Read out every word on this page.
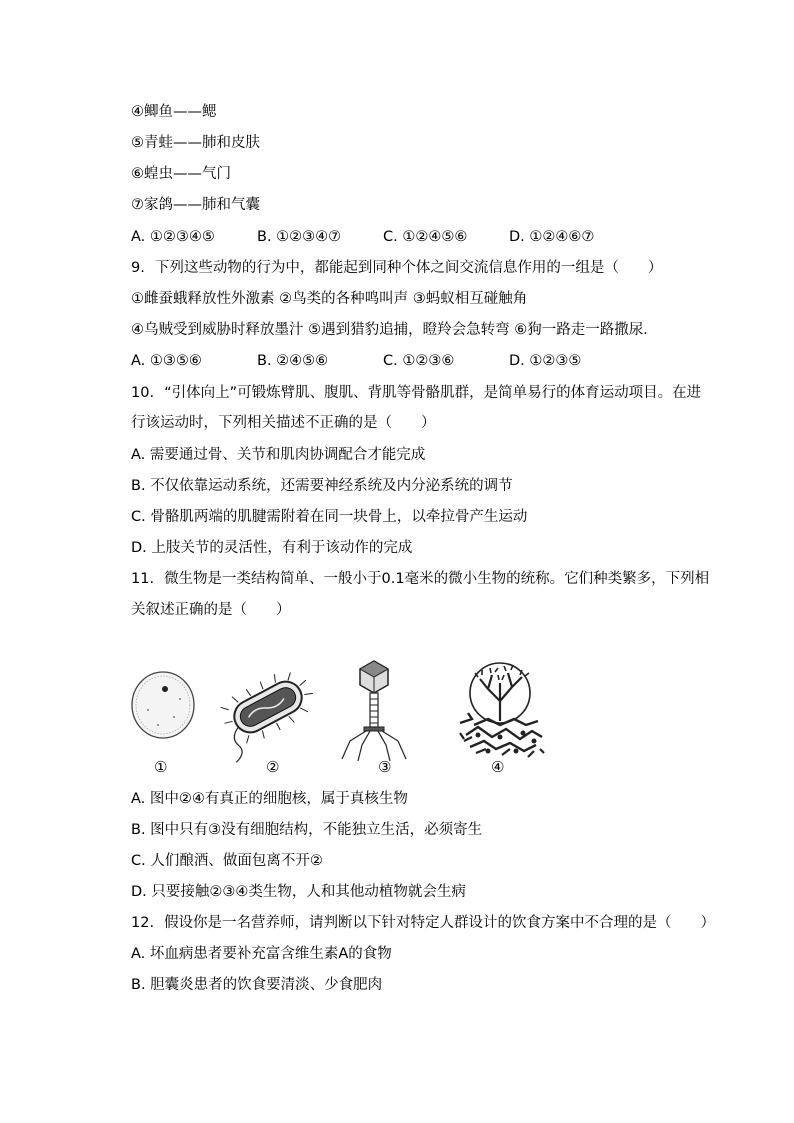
④鲫鱼——鳃
⑤青蛙——肺和皮肤
⑥蝗虫——气门
⑦家鸽——肺和气囊
A. ①②③④⑤	B. ①②③④⑦	C. ①②④⑤⑥	D. ①②④⑥⑦
9. 下列这些动物的行为中，都能起到同种个体之间交流信息作用的一组是（　　）
①雌蚕蛾释放性外激素 ②鸟类的各种鸣叫声 ③蚂蚁相互碰触角
④乌贼受到威胁时释放墨汁 ⑤遇到猎豹追捕，瞪羚会急转弯 ⑥狗一路走一路撒尿．
A. ①③⑤⑥	B. ②④⑤⑥	C. ①②③⑥	D. ①②③⑤
10. “引体向上”可锻炼臂肌、腹肌、背肌等骨骼肌群，是简单易行的体育运动项目。在进
行该运动时，下列相关描述不正确的是（　　）
A. 需要通过骨、关节和肌肉协调配合才能完成
B. 不仅依靠运动系统，还需要神经系统及内分泌系统的调节
C. 骨骼肌两端的肌腱需附着在同一块骨上，以牵拉骨产生运动
D. 上肢关节的灵活性，有利于该动作的完成
11. 微生物是一类结构简单、一般小于0.1毫米的微小生物的统称。它们种类繁多，下列相
关叙述正确的是（　　）
①	②	③	④
A. 图中②④有真正的细胞核，属于真核生物
B. 图中只有③没有细胞结构，不能独立生活，必须寄生
C. 人们酿酒、做面包离不开②
D. 只要接触②③④类生物，人和其他动植物就会生病
12. 假设你是一名营养师，请判断以下针对特定人群设计的饮食方案中不合理的是（　　）
A. 坏血病患者要补充富含维生素A的食物
B. 胆囊炎患者的饮食要清淡、少食肥肉
